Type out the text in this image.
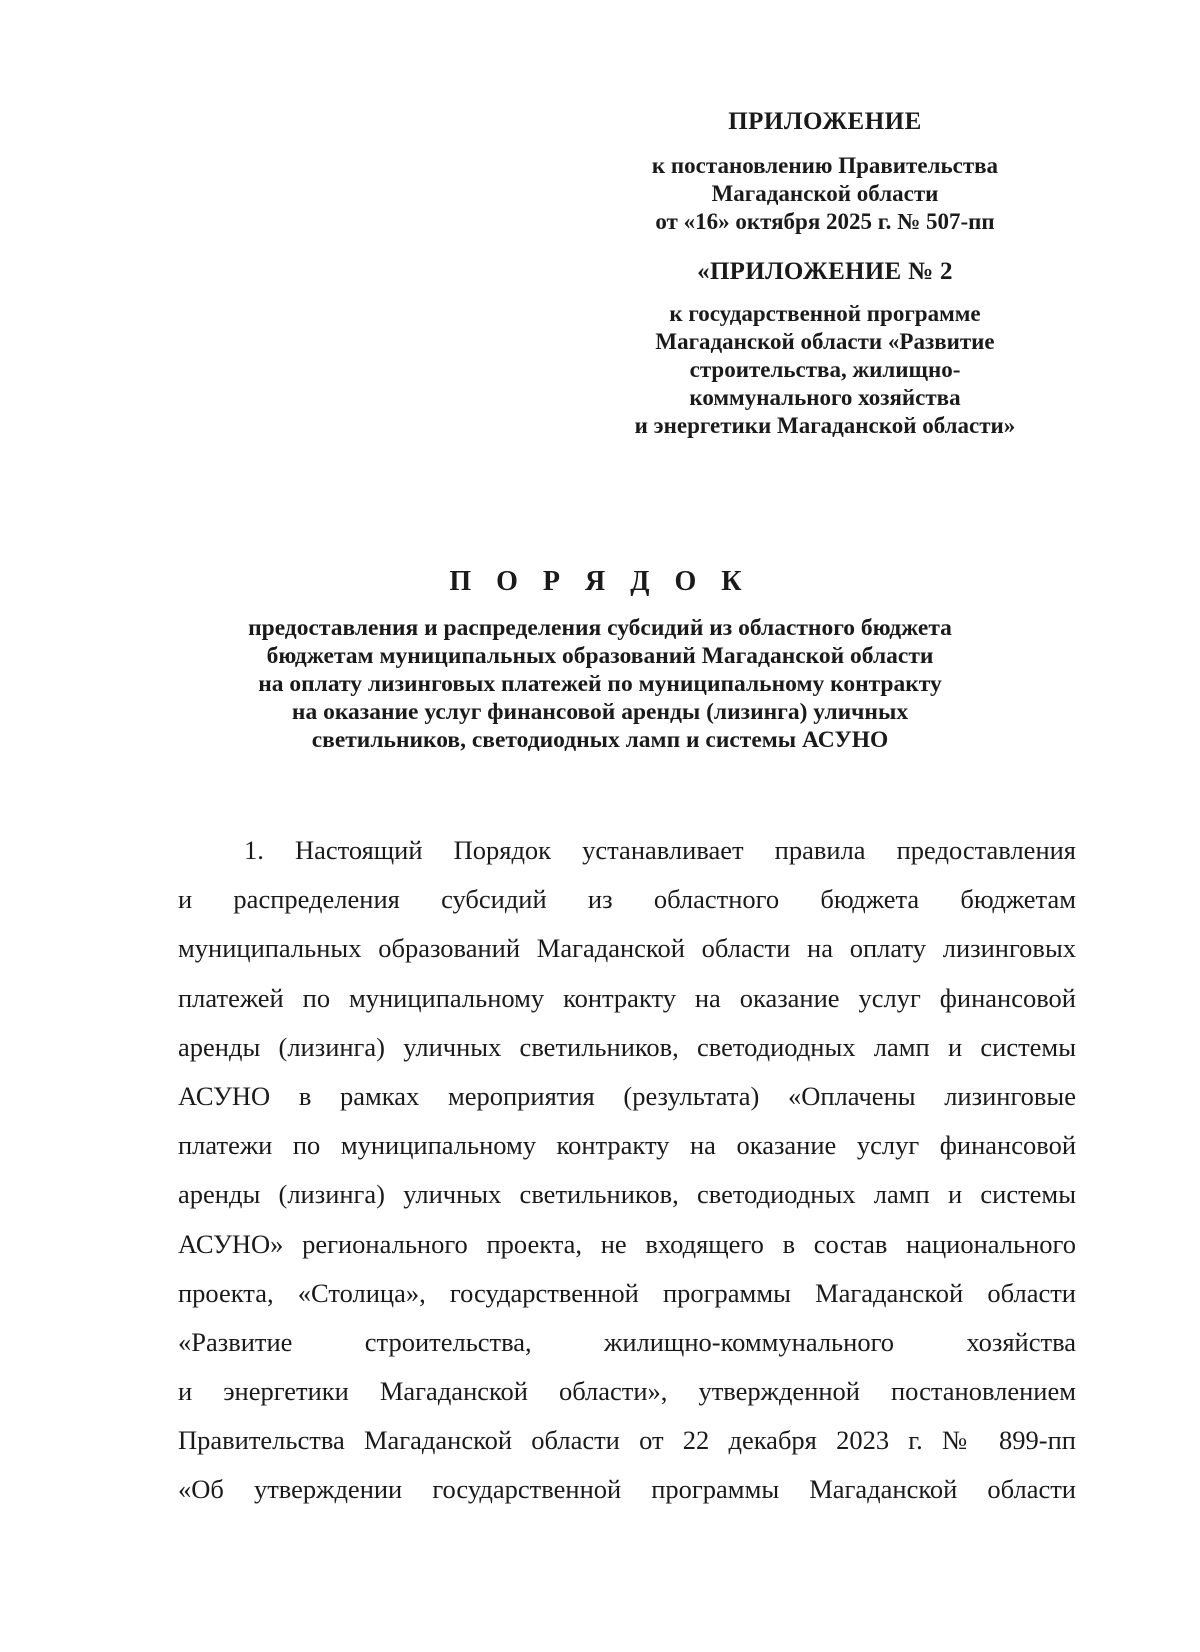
ПРИЛОЖЕНИЕ
к постановлению Правительства
Магаданской области
от «16» октября 2025 г. № 507-пп
«ПРИЛОЖЕНИЕ № 2
к государственной программе
Магаданской области «Развитие
строительства, жилищно-
коммунального хозяйства
и энергетики Магаданской области»
П О Р Я Д О К
предоставления и распределения субсидий из областного бюджета
бюджетам муниципальных образований Магаданской области
на оплату лизинговых платежей по муниципальному контракту
на оказание услуг финансовой аренды (лизинга) уличных
светильников, светодиодных ламп и системы АСУНО
1. Настоящий Порядок устанавливает правила предоставления
и распределения субсидий из областного бюджета бюджетам
муниципальных образований Магаданской области на оплату лизинговых
платежей по муниципальному контракту на оказание услуг финансовой
аренды (лизинга) уличных светильников, светодиодных ламп и системы
АСУНО в рамках мероприятия (результата) «Оплачены лизинговые
платежи по муниципальному контракту на оказание услуг финансовой
аренды (лизинга) уличных светильников, светодиодных ламп и системы
АСУНО» регионального проекта, не входящего в состав национального
проекта, «Столица», государственной программы Магаданской области
«Развитие строительства, жилищно-коммунального хозяйства
и энергетики Магаданской области», утвержденной постановлением
Правительства Магаданской области от 22 декабря 2023 г. № 899-пп
«Об утверждении государственной программы Магаданской области
